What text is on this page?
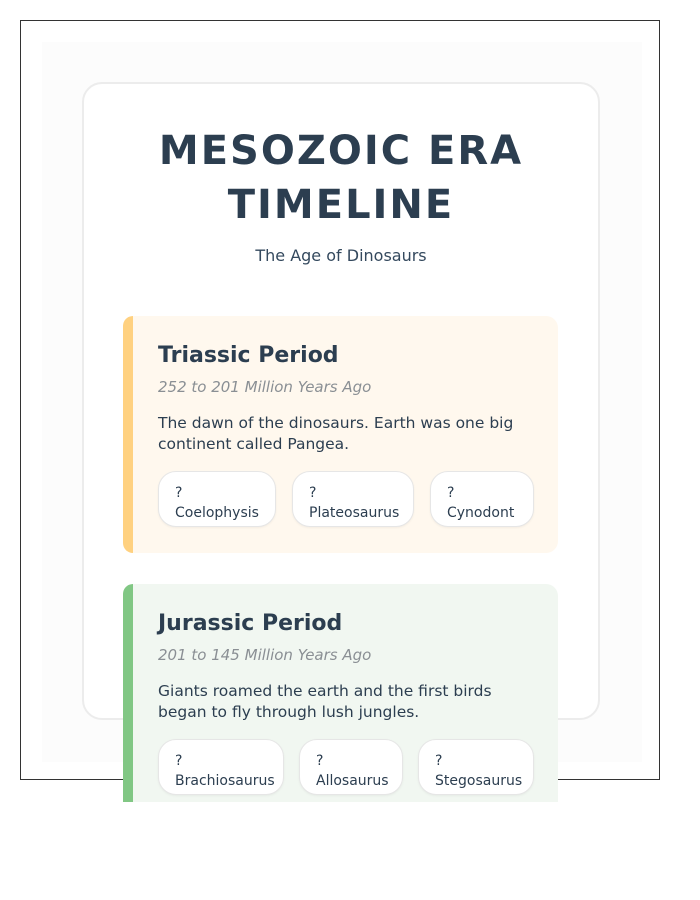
MESOZOIC ERA
TIMELINE
The Age of Dinosaurs
Triassic Period

252 to 201 Million Years Ago

The dawn of the dinosaurs. Earth was one big continent called Pangea.

?
Coelophysis
?
Plateosaurus
?
Cynodont
Jurassic Period

201 to 145 Million Years Ago

Giants roamed the earth and the first birds began to fly through lush jungles.

?
Brachiosaurus
?
Allosaurus
?
Stegosaurus
